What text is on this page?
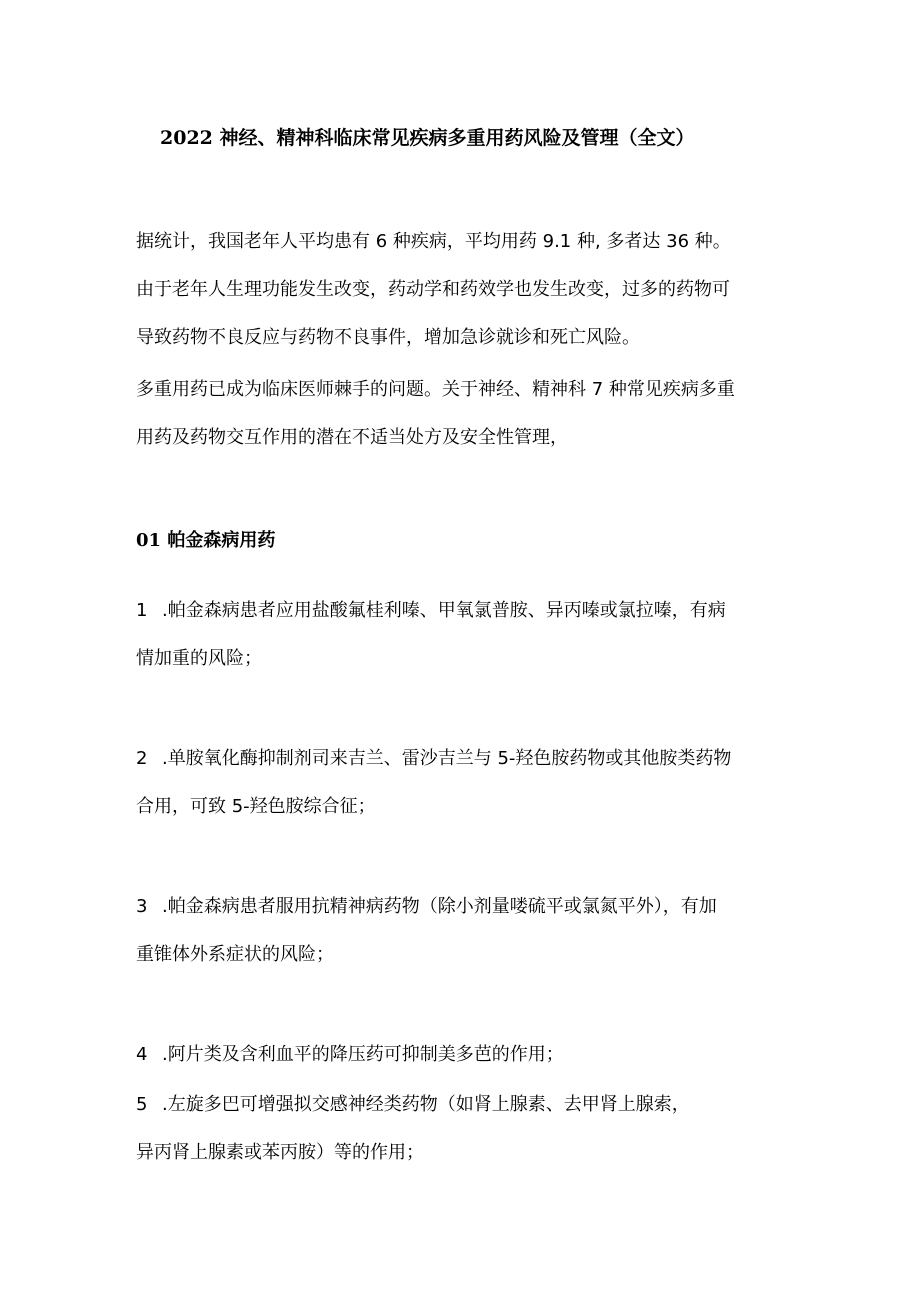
2022 神经、精神科临床常见疾病多重用药风险及管理（全文）

据统计，我国老年人平均患有 6 种疾病，平均用药 9.1 种, 多者达 36 种。

由于老年人生理功能发生改变，药动学和药效学也发生改变，过多的药物可

导致药物不良反应与药物不良事件，增加急诊就诊和死亡风险。

多重用药已成为临床医师棘手的问题。关于神经、精神科 7 种常见疾病多重

用药及药物交互作用的潜在不适当处方及安全性管理，

01 帕金森病用药

1 .帕金森病患者应用盐酸氟桂利嗪、甲氧氯普胺、异丙嗪或氯拉嗪，有病

情加重的风险；

2 .单胺氧化酶抑制剂司来吉兰、雷沙吉兰与 5-羟色胺药物或其他胺类药物

合用，可致 5-羟色胺综合征；

3 .帕金森病患者服用抗精神病药物（除小剂量喽硫平或氯氮平外），有加

重锥体外系症状的风险；

4 .阿片类及含利血平的降压药可抑制美多芭的作用；

5 .左旋多巴可增强拟交感神经类药物（如肾上腺素、去甲肾上腺索，

异丙肾上腺素或苯丙胺）等的作用；
